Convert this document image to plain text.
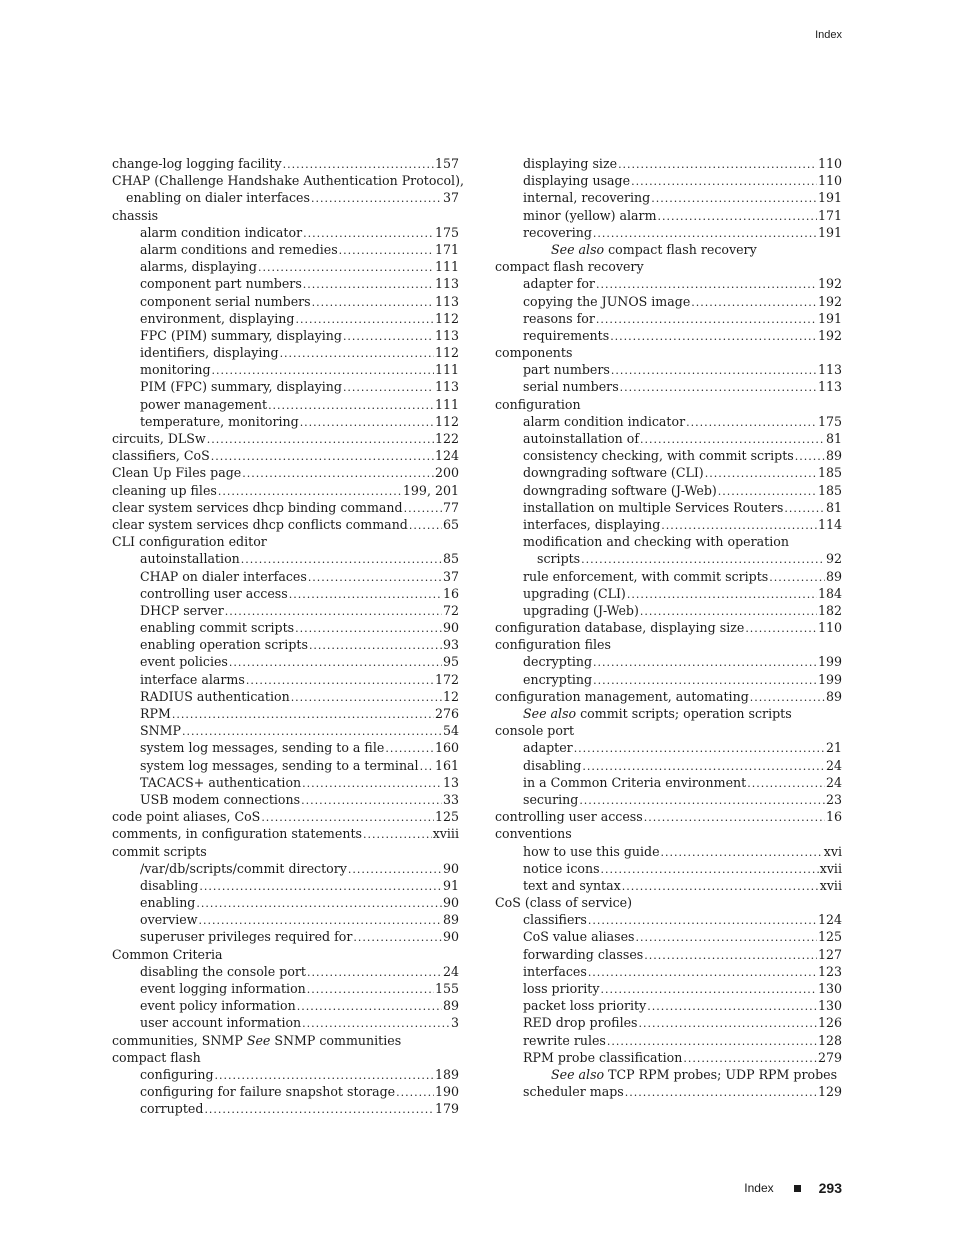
Index
change-log logging facility .....	157
CHAP (Challenge Handshake Authentication Protocol),
enabling on dialer interfaces .....	37
chassis
alarm condition indicator .....	175
alarm conditions and remedies .....	171
alarms, displaying .....	111
component part numbers .....	113
component serial numbers .....	113
environment, displaying .....	112
FPC (PIM) summary, displaying .....	113
identifiers, displaying .....	112
monitoring .....	111
PIM (FPC) summary, displaying .....	113
power management .....	111
temperature, monitoring .....	112
circuits, DLSw .....	122
classifiers, CoS .....	124
Clean Up Files page .....	200
cleaning up files .....	199, 201
clear system services dhcp binding command .....	77
clear system services dhcp conflicts command .....	65
CLI configuration editor
autoinstallation .....	85
CHAP on dialer interfaces .....	37
controlling user access .....	16
DHCP server .....	72
enabling commit scripts .....	90
enabling operation scripts .....	93
event policies .....	95
interface alarms .....	172
RADIUS authentication .....	12
RPM .....	276
SNMP .....	54
system log messages, sending to a file .....	160
system log messages, sending to a terminal ..... 161
TACACS+ authentication .....	13
USB modem connections .....	33
code point aliases, CoS .....	125
comments, in configuration statements .....	xviii
commit scripts
/var/db/scripts/commit directory .....	90
disabling .....	91
enabling .....	90
overview .....	89
superuser privileges required for .....	90
Common Criteria
disabling the console port .....	24
event logging information .....	155
event policy information .....	89
user account information .....	3
communities, SNMP See SNMP communities
compact flash
configuring .....	189
configuring for failure snapshot storage .....	190
corrupted .....	179
displaying size .....	110
displaying usage .....	110
internal, recovering .....	191
minor (yellow) alarm .....	171
recovering .....	191
See also compact flash recovery
compact flash recovery
adapter for .....	192
copying the JUNOS image .....	192
reasons for .....	191
requirements .....	192
components
part numbers .....	113
serial numbers .....	113
configuration
alarm condition indicator .....	175
autoinstallation of .....	81
consistency checking, with commit scripts .....	89
downgrading software (CLI) .....	185
downgrading software (J-Web) .....	185
installation on multiple Services Routers .....	81
interfaces, displaying .....	114
modification and checking with operation
scripts .....	92
rule enforcement, with commit scripts .....	89
upgrading (CLI) .....	184
upgrading (J-Web) .....	182
configuration database, displaying size .....	110
configuration files
decrypting .....	199
encrypting .....	199
configuration management, automating .....	89
See also commit scripts; operation scripts
console port
adapter .....	21
disabling .....	24
in a Common Criteria environment .....	24
securing .....	23
controlling user access .....	16
conventions
how to use this guide .....	xvi
notice icons .....	xvii
text and syntax .....	xvii
CoS (class of service)
classifiers .....	124
CoS value aliases .....	125
forwarding classes .....	127
interfaces .....	123
loss priority .....	130
packet loss priority .....	130
RED drop profiles .....	126
rewrite rules .....	128
RPM probe classification .....	279
See also TCP RPM probes; UDP RPM probes
scheduler maps .....	129
Index	293
